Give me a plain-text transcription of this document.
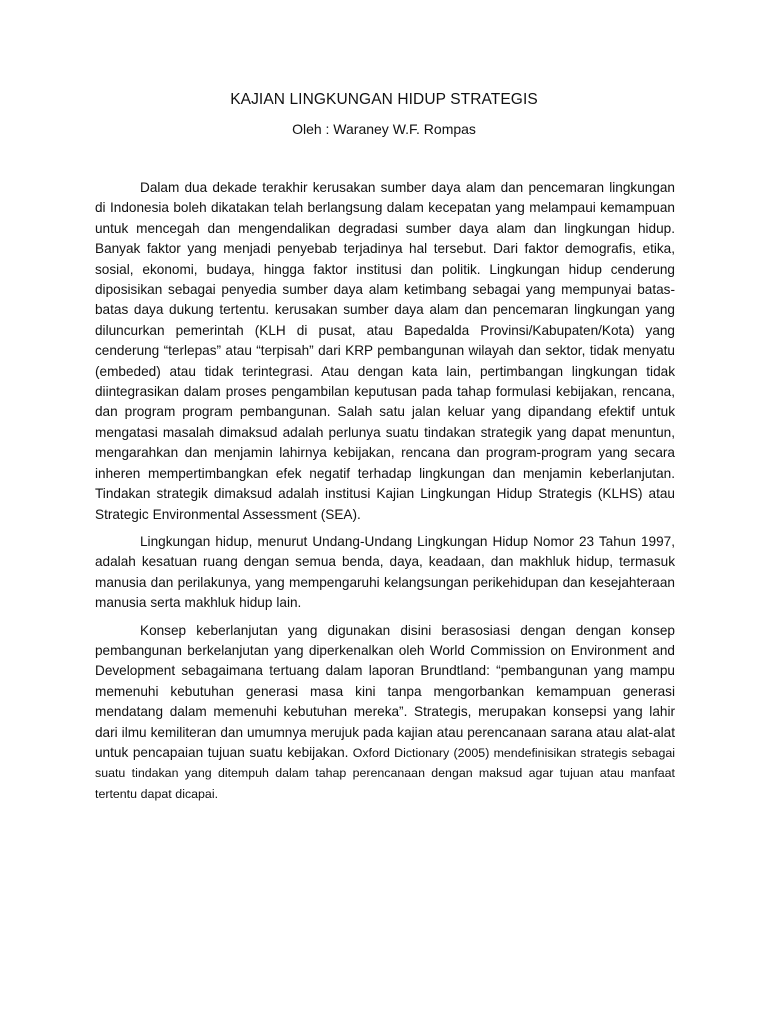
KAJIAN LINGKUNGAN HIDUP STRATEGIS
Oleh : Waraney W.F. Rompas

Dalam dua dekade terakhir kerusakan sumber daya alam dan pencemaran lingkungan di Indonesia boleh dikatakan telah berlangsung dalam kecepatan yang melampaui kemampuan untuk mencegah dan mengendalikan degradasi sumber daya alam dan lingkungan hidup. Banyak faktor yang menjadi penyebab terjadinya hal tersebut. Dari faktor demografis, etika, sosial, ekonomi, budaya, hingga faktor institusi dan politik. Lingkungan hidup cenderung diposisikan sebagai penyedia sumber daya alam ketimbang sebagai yang mempunyai batas-batas daya dukung tertentu. kerusakan sumber daya alam dan pencemaran lingkungan yang diluncurkan pemerintah (KLH di pusat, atau Bapedalda Provinsi/Kabupaten/Kota) yang cenderung “terlepas” atau “terpisah” dari KRP pembangunan wilayah dan sektor, tidak menyatu (embeded) atau tidak terintegrasi. Atau dengan kata lain, pertimbangan lingkungan tidak diintegrasikan dalam proses pengambilan keputusan pada tahap formulasi kebijakan, rencana, dan program program pembangunan. Salah satu jalan keluar yang dipandang efektif untuk mengatasi masalah dimaksud adalah perlunya suatu tindakan strategik yang dapat menuntun, mengarahkan dan menjamin lahirnya kebijakan, rencana dan program-program yang secara inheren mempertimbangkan efek negatif terhadap lingkungan dan menjamin keberlanjutan. Tindakan strategik dimaksud adalah institusi Kajian Lingkungan Hidup Strategis (KLHS) atau Strategic Environmental Assessment (SEA).

Lingkungan hidup, menurut Undang-Undang Lingkungan Hidup Nomor 23 Tahun 1997, adalah kesatuan ruang dengan semua benda, daya, keadaan, dan makhluk hidup, termasuk manusia dan perilakunya, yang mempengaruhi kelangsungan perikehidupan dan kesejahteraan manusia serta makhluk hidup lain.

Konsep keberlanjutan yang digunakan disini berasosiasi dengan dengan konsep pembangunan berkelanjutan yang diperkenalkan oleh World Commission on Environment and Development sebagaimana tertuang dalam laporan Brundtland: “pembangunan yang mampu memenuhi kebutuhan generasi masa kini tanpa mengorbankan kemampuan generasi mendatang dalam memenuhi kebutuhan mereka”. Strategis, merupakan konsepsi yang lahir dari ilmu kemiliteran dan umumnya merujuk pada kajian atau perencanaan sarana atau alat-alat untuk pencapaian tujuan suatu kebijakan. Oxford Dictionary (2005) mendefinisikan strategis sebagai suatu tindakan yang ditempuh dalam tahap perencanaan dengan maksud agar tujuan atau manfaat tertentu dapat dicapai.
